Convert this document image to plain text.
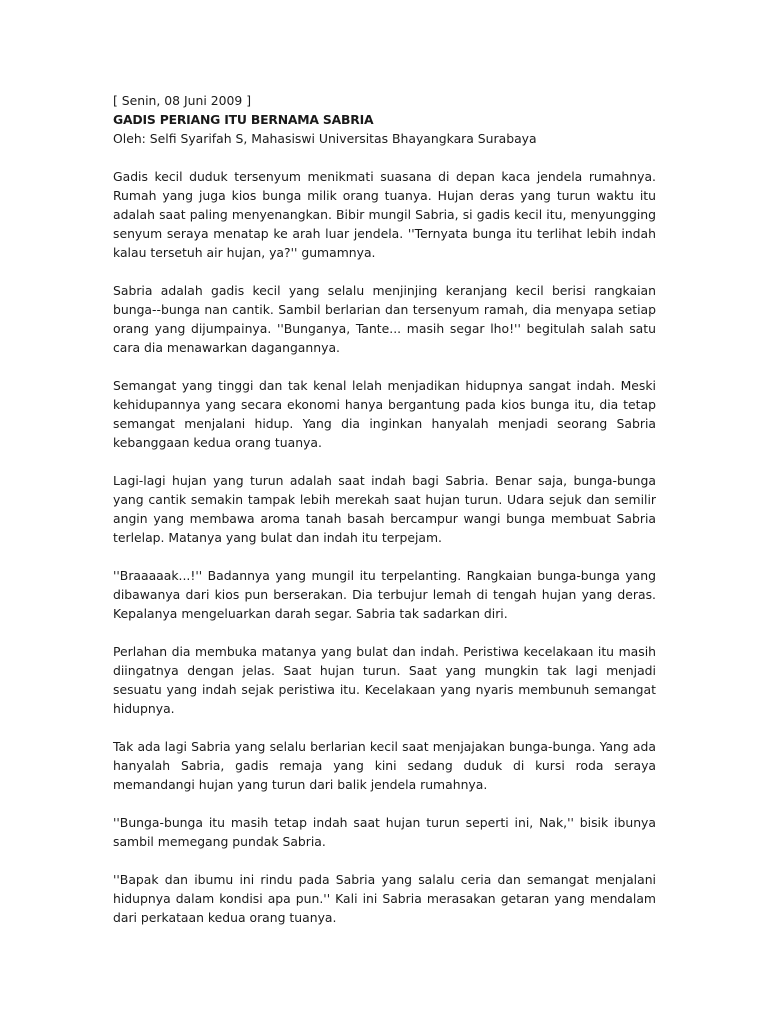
[ Senin, 08 Juni 2009 ]

GADIS PERIANG ITU BERNAMA SABRIA

Oleh: Selfi Syarifah S, Mahasiswi Universitas Bhayangkara Surabaya

Gadis kecil duduk tersenyum menikmati suasana di depan kaca jendela rumahnya. Rumah yang juga kios bunga milik orang tuanya. Hujan deras yang turun waktu itu adalah saat paling menyenangkan. Bibir mungil Sabria, si gadis kecil itu, menyungging senyum seraya menatap ke arah luar jendela. ''Ternyata bunga itu terlihat lebih indah kalau tersetuh air hujan, ya?'' gumamnya.

Sabria adalah gadis kecil yang selalu menjinjing keranjang kecil berisi rangkaian bunga--bunga nan cantik. Sambil berlarian dan tersenyum ramah, dia menyapa setiap orang yang dijumpainya. ''Bunganya, Tante... masih segar lho!'' begitulah salah satu cara dia menawarkan dagangannya.

Semangat yang tinggi dan tak kenal lelah menjadikan hidupnya sangat indah. Meski kehidupannya yang secara ekonomi hanya bergantung pada kios bunga itu, dia tetap semangat menjalani hidup. Yang dia inginkan hanyalah menjadi seorang Sabria kebanggaan kedua orang tuanya.

Lagi-lagi hujan yang turun adalah saat indah bagi Sabria. Benar saja, bunga-bunga yang cantik semakin tampak lebih merekah saat hujan turun. Udara sejuk dan semilir angin yang membawa aroma tanah basah bercampur wangi bunga membuat Sabria terlelap. Matanya yang bulat dan indah itu terpejam.

''Braaaaak...!'' Badannya yang mungil itu terpelanting. Rangkaian bunga-bunga yang dibawanya dari kios pun berserakan. Dia terbujur lemah di tengah hujan yang deras. Kepalanya mengeluarkan darah segar. Sabria tak sadarkan diri.

Perlahan dia membuka matanya yang bulat dan indah. Peristiwa kecelakaan itu masih diingatnya dengan jelas. Saat hujan turun. Saat yang mungkin tak lagi menjadi sesuatu yang indah sejak peristiwa itu. Kecelakaan yang nyaris membunuh semangat hidupnya.

Tak ada lagi Sabria yang selalu berlarian kecil saat menjajakan bunga-bunga. Yang ada hanyalah Sabria, gadis remaja yang kini sedang duduk di kursi roda seraya memandangi hujan yang turun dari balik jendela rumahnya.

''Bunga-bunga itu masih tetap indah saat hujan turun seperti ini, Nak,'' bisik ibunya sambil memegang pundak Sabria.

''Bapak dan ibumu ini rindu pada Sabria yang salalu ceria dan semangat menjalani hidupnya dalam kondisi apa pun.'' Kali ini Sabria merasakan getaran yang mendalam dari perkataan kedua orang tuanya.
